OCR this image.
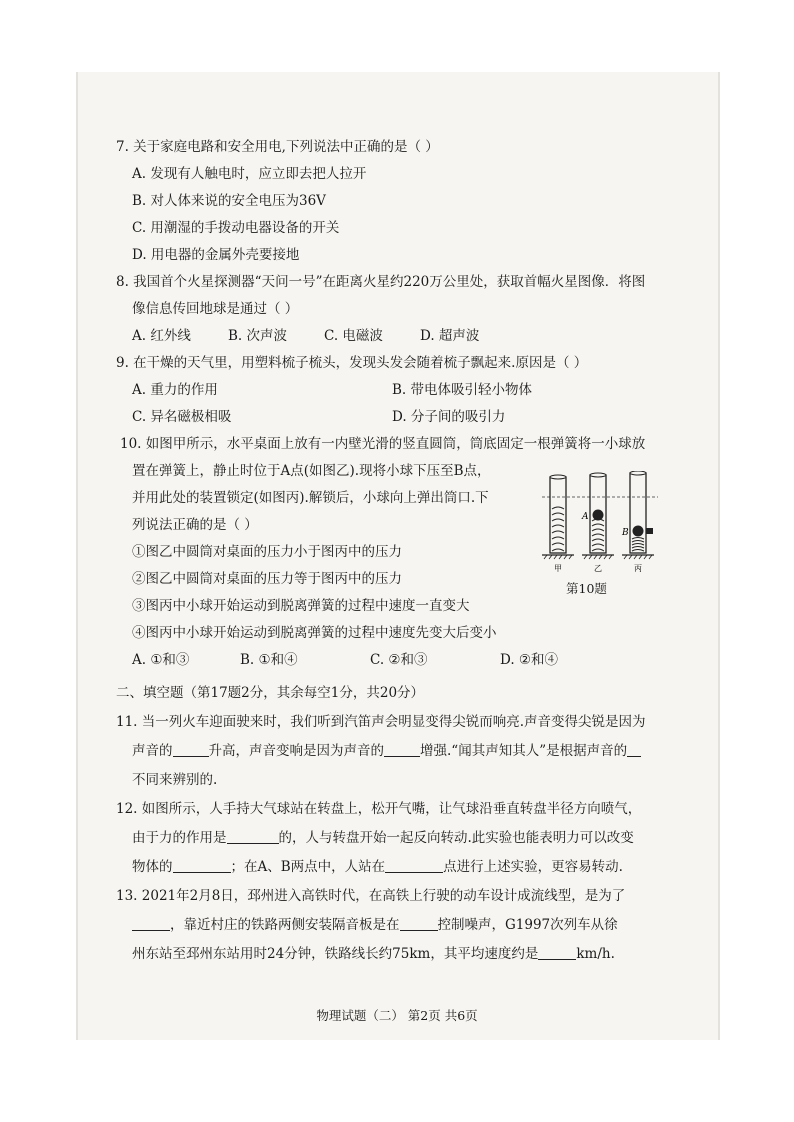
7. 关于家庭电路和安全用电,下列说法中正确的是（ ）
A. 发现有人触电时，应立即去把人拉开
B. 对人体来说的安全电压为36V
C. 用潮湿的手拨动电器设备的开关
D. 用电器的金属外壳要接地
8. 我国首个火星探测器“天问一号”在距离火星约220万公里处，获取首幅火星图像．将图
像信息传回地球是通过（ ）
A. 红外线	B. 次声波	C. 电磁波	D. 超声波
9. 在干燥的天气里，用塑料梳子梳头，发现头发会随着梳子飘起来.原因是（ ）
A. 重力的作用	B. 带电体吸引轻小物体
C. 异名磁极相吸	D. 分子间的吸引力
10. 如图甲所示，水平桌面上放有一内壁光滑的竖直圆筒，筒底固定一根弹簧将一小球放
置在弹簧上，静止时位于A点(如图乙).现将小球下压至B点，
并用此处的装置锁定(如图丙).解锁后，小球向上弹出筒口.下
列说法正确的是（ ）
①图乙中圆筒对桌面的压力小于图丙中的压力
②图乙中圆筒对桌面的压力等于图丙中的压力
③图丙中小球开始运动到脱离弹簧的过程中速度一直变大
④图丙中小球开始运动到脱离弹簧的过程中速度先变大后变小
A. ①和③	B. ①和④	C. ②和③	D. ②和④
A
B
甲	乙	丙
第10题
二、填空题（第17题2分，其余每空1分，共20分）
11. 当一列火车迎面驶来时，我们听到汽笛声会明显变得尖锐而响亮.声音变得尖锐是因为
声音的	升高，声音变响是因为声音的	增强.“闻其声知其人”是根据声音的
不同来辨别的.
12. 如图所示，人手持大气球站在转盘上，松开气嘴，让气球沿垂直转盘半径方向喷气，
由于力的作用是	的，人与转盘开始一起反向转动.此实验也能表明力可以改变
物体的	；在A、B两点中，人站在	点进行上述实验，更容易转动.
13. 2021年2月8日，邳州进入高铁时代，在高铁上行驶的动车设计成流线型，是为了
，靠近村庄的铁路两侧安装隔音板是在	控制噪声，G1997次列车从徐
州东站至邳州东站用时24分钟，铁路线长约75km，其平均速度约是	km/h.
物理试题（二） 第2页 共6页
